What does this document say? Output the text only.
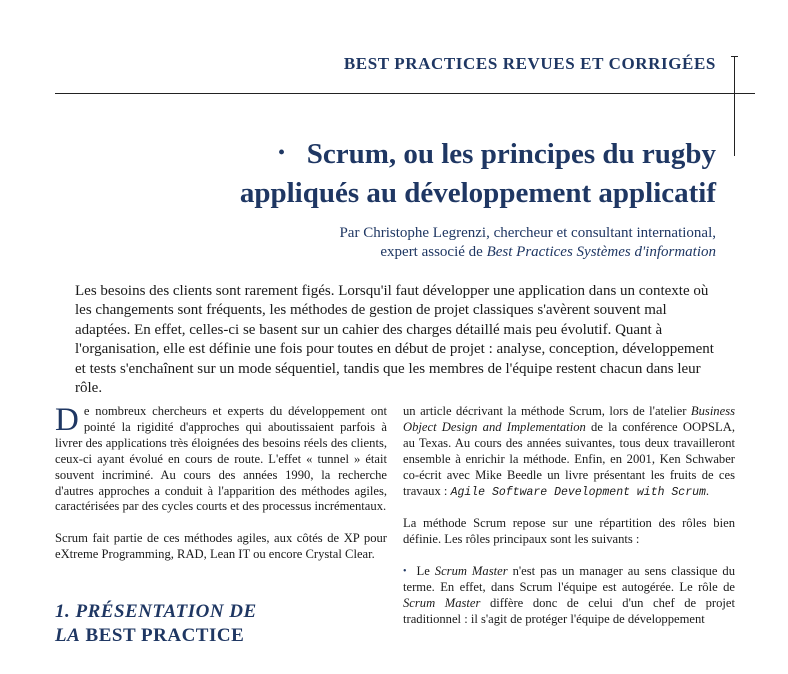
BEST PRACTICES REVUES ET CORRIGÉES
• Scrum, ou les principes du rugby
appliqués au développement applicatif
Par Christophe Legrenzi, chercheur et consultant international,
expert associé de Best Practices Systèmes d'information
Les besoins des clients sont rarement figés. Lorsqu'il faut développer une application dans un contexte où les changements sont fréquents, les méthodes de gestion de projet classiques s'avèrent souvent mal adaptées. En effet, celles-ci se basent sur un cahier des charges détaillé mais peu évolutif. Quant à l'organisation, elle est définie une fois pour toutes en début de projet : analyse, conception, développement et tests s'enchaînent sur un mode séquentiel, tandis que les membres de l'équipe restent chacun dans leur rôle.

De nombreux chercheurs et experts du développement ont pointé la rigidité d'approches qui aboutissaient parfois à livrer des applications très éloignées des besoins réels des clients, ceux-ci ayant évolué en cours de route. L'effet « tunnel » était souvent incriminé. Au cours des années 1990, la recherche d'autres approches a conduit à l'apparition des méthodes agiles, caractérisées par des cycles courts et des processus incrémentaux.

Scrum fait partie de ces méthodes agiles, aux côtés de XP pour eXtreme Programming, RAD, Lean IT ou encore Crystal Clear.

1. PRÉSENTATION DE
LA BEST PRACTICE

un article décrivant la méthode Scrum, lors de l'atelier Business Object Design and Implementation de la conférence OOPSLA, au Texas. Au cours des années suivantes, tous deux travailleront ensemble à enrichir la méthode. Enfin, en 2001, Ken Schwaber co-écrit avec Mike Beedle un livre présentant les fruits de ces travaux : Agile Software Development with Scrum.

La méthode Scrum repose sur une répartition des rôles bien définie. Les rôles principaux sont les suivants :

• Le Scrum Master n'est pas un manager au sens classique du terme. En effet, dans Scrum l'équipe est autogérée. Le rôle de Scrum Master diffère donc de celui d'un chef de projet traditionnel : il s'agit de protéger l'équipe de développement
